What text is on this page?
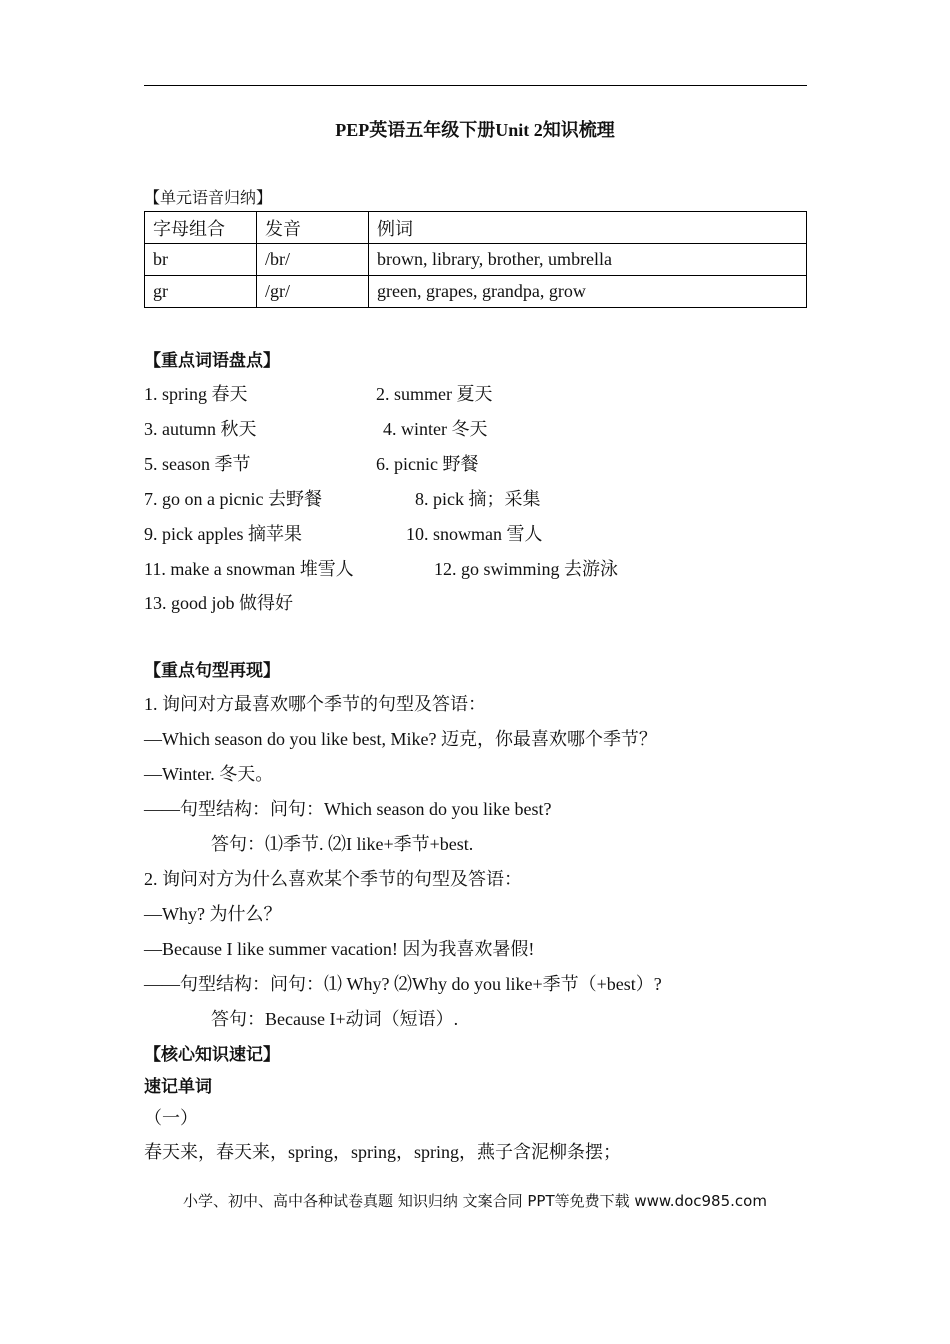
PEP英语五年级下册Unit 2知识梳理
【单元语音归纳】
字母组合	发音	例词
br	/br/	brown, library, brother, umbrella
gr	/gr/	green, grapes, grandpa, grow
【重点词语盘点】
1. spring 春天	2. summer 夏天
3. autumn 秋天	4. winter 冬天
5. season 季节	6. picnic 野餐
7. go on a picnic 去野餐	8. pick 摘；采集
9. pick apples 摘苹果	10. snowman 雪人
11. make a snowman 堆雪人	12. go swimming 去游泳
13. good job 做得好
【重点句型再现】
1. 询问对方最喜欢哪个季节的句型及答语：
—Which season do you like best, Mike? 迈克，你最喜欢哪个季节？
—Winter. 冬天。
——句型结构：问句：Which season do you like best?
答句：⑴季节. ⑵I like+季节+best.
2. 询问对方为什么喜欢某个季节的句型及答语：
—Why? 为什么？
—Because I like summer vacation! 因为我喜欢暑假!
——句型结构：问句：⑴ Why? ⑵Why do you like+季节（+best）?
答句：Because I+动词（短语）.
【核心知识速记】
速记单词
（一）
春天来，春天来，spring，spring，spring，燕子含泥柳条摆；
小学、初中、高中各种试卷真题 知识归纳 文案合同 PPT等免费下载 www.doc985.com
